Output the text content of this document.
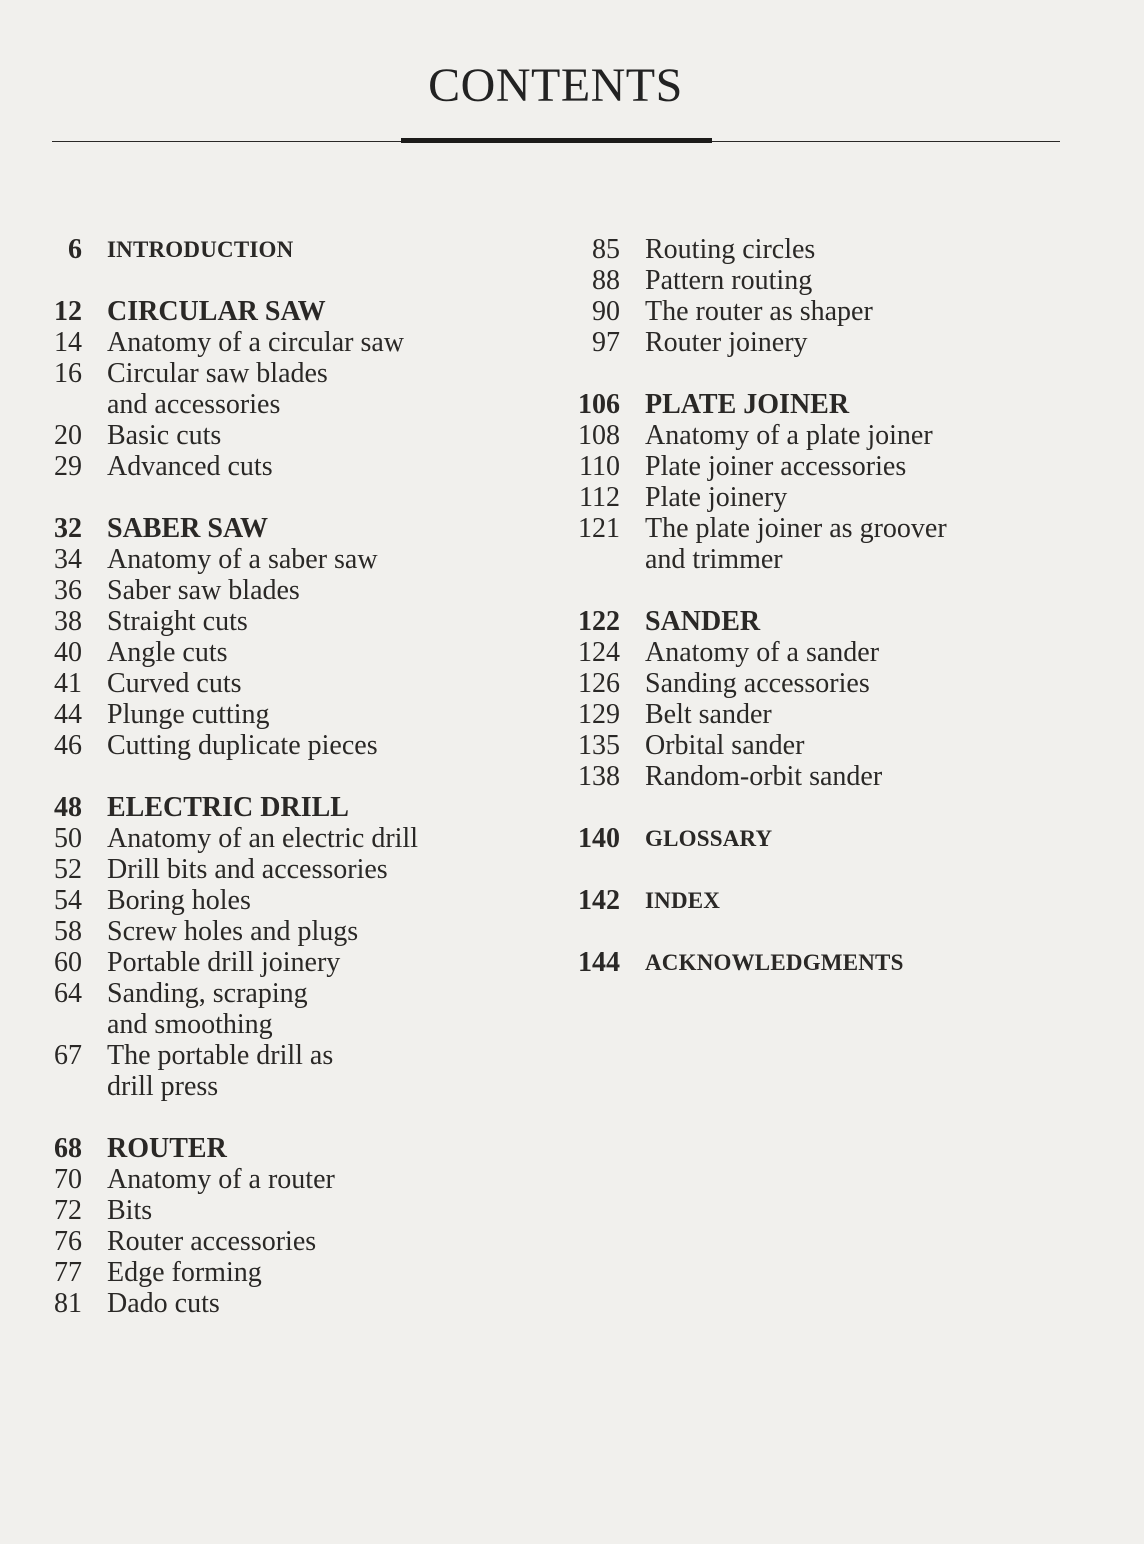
CONTENTS
6	INTRODUCTION
12 CIRCULAR SAW
14 Anatomy of a circular saw
16 Circular saw blades
and accessories
20 Basic cuts
29 Advanced cuts
32 SABER SAW
34 Anatomy of a saber saw
36 Saber saw blades
38 Straight cuts
40 Angle cuts
41 Curved cuts
44 Plunge cutting
46 Cutting duplicate pieces
48 ELECTRIC DRILL
50 Anatomy of an electric drill
52 Drill bits and accessories
54 Boring holes
58 Screw holes and plugs
60 Portable drill joinery
64 Sanding, scraping
and smoothing
67 The portable drill as
drill press
68 ROUTER
70 Anatomy of a router
72 Bits
76 Router accessories
77 Edge forming
81 Dado cuts
85 Routing circles
88 Pattern routing
90 The router as shaper
97 Router joinery
106 PLATE JOINER
108 Anatomy of a plate joiner
110 Plate joiner accessories
112 Plate joinery
121 The plate joiner as groover
and trimmer
122 SANDER
124 Anatomy of a sander
126 Sanding accessories
129 Belt sander
135 Orbital sander
138 Random-orbit sander
140	GLOSSARY
142	INDEX
144	ACKNOWLEDGMENTS
